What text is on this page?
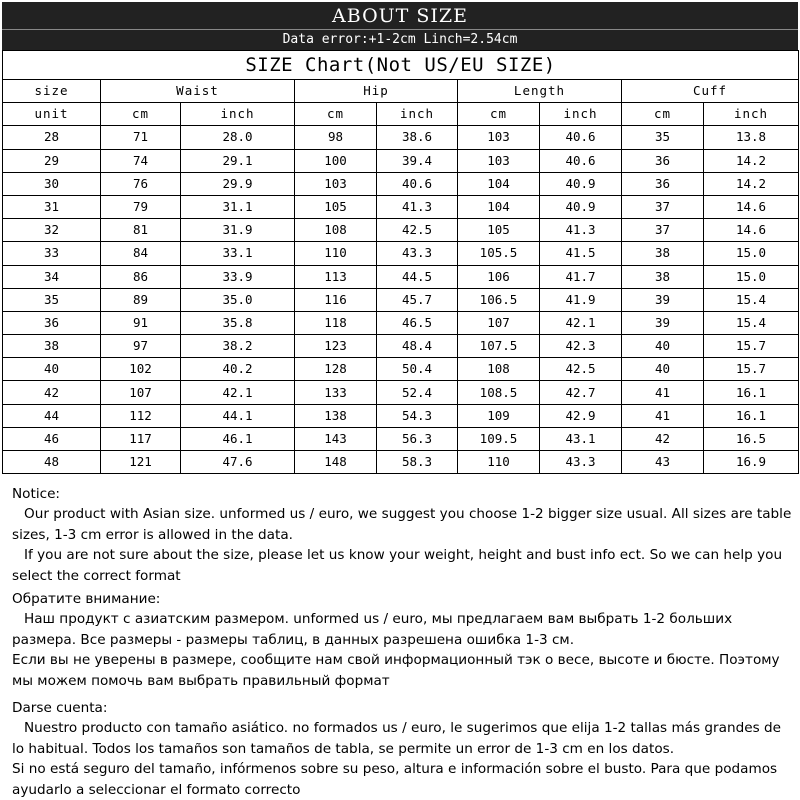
ABOUT SIZE
Data error:+1-2cm Linch=2.54cm
SIZE Chart(Not US/EU SIZE)								
size	Waist		Hip		Length		Cuff	
unit	cm	inch	cm	inch	cm	inch	cm	inch
28	71	28.0	98	38.6	103	40.6	35	13.8
29	74	29.1	100	39.4	103	40.6	36	14.2
30	76	29.9	103	40.6	104	40.9	36	14.2
31	79	31.1	105	41.3	104	40.9	37	14.6
32	81	31.9	108	42.5	105	41.3	37	14.6
33	84	33.1	110	43.3	105.5	41.5	38	15.0
34	86	33.9	113	44.5	106	41.7	38	15.0
35	89	35.0	116	45.7	106.5	41.9	39	15.4
36	91	35.8	118	46.5	107	42.1	39	15.4
38	97	38.2	123	48.4	107.5	42.3	40	15.7
40	102	40.2	128	50.4	108	42.5	40	15.7
42	107	42.1	133	52.4	108.5	42.7	41	16.1
44	112	44.1	138	54.3	109	42.9	41	16.1
46	117	46.1	143	56.3	109.5	43.1	42	16.5
48	121	47.6	148	58.3	110	43.3	43	16.9

Notice:

Our product with Asian size. unformed us / euro, we suggest you choose 1-2 bigger size usual. All sizes are table sizes, 1-3 cm error is allowed in the data.

If you are not sure about the size, please let us know your weight, height and bust info ect. So we can help you select the correct format

Обратите внимание:

Наш продукт с азиатским размером. unformed us / euro, мы предлагаем вам выбрать 1-2 больших размера. Все размеры - размеры таблиц, в данных разрешена ошибка 1-3 см.

Если вы не уверены в размере, сообщите нам свой информационный тэк о весе, высоте и бюсте. Поэтому мы можем помочь вам выбрать правильный формат

Darse cuenta:

Nuestro producto con tamaño asiático. no formados us / euro, le sugerimos que elija 1-2 tallas más grandes de lo habitual. Todos los tamaños son tamaños de tabla, se permite un error de 1-3 cm en los datos.

Si no está seguro del tamaño, infórmenos sobre su peso, altura e información sobre el busto. Para que podamos ayudarlo a seleccionar el formato correcto
